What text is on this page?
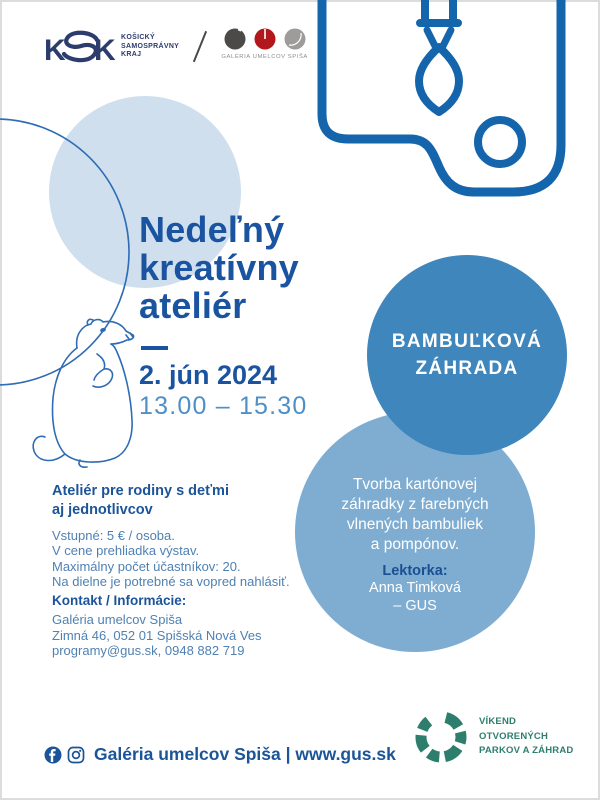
K K KOŠICKÝ
SAMOSPRÁVNY
KRAJ	GALÉRIA UMELCOV SPIŠA
Nedeľný
kreatívny
ateliér
2. jún 2024
13.00 – 15.30
Ateliér pre rodiny s deťmi
aj jednotlivcov
Vstupné: 5 € / osoba.
V cene prehliadka výstav.
Maximálny počet účastníkov: 20.
Na dielne je potrebné sa vopred nahlásiť.
Kontakt / Informácie:
Galéria umelcov Spiša
Zimná 46, 052 01 Spišská Nová Ves
programy@gus.sk, 0948 882 719
Tvorba kartónovej
záhradky z farebných
vlnených bambuliek
a pompónov.
Lektorka:
Anna Timková
– GUS
BAMBUĽKOVÁ
ZÁHRADA
Galéria umelcov Spiša | www.gus.sk
VÍKEND
OTVORENÝCH
PARKOV A ZÁHRAD
